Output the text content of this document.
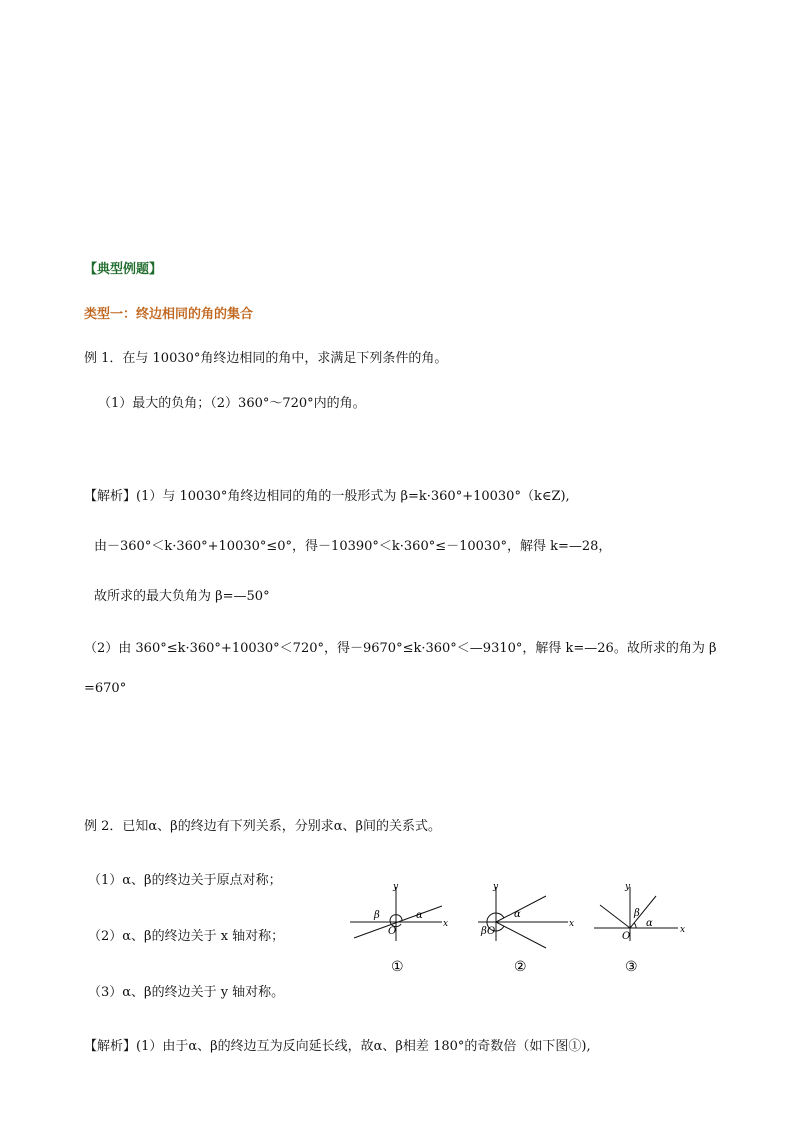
【典型例题】
类型一：终边相同的角的集合
例 1．在与 10030°角终边相同的角中，求满足下列条件的角。
（1）最大的负角；（2）360°～720°内的角。
【解析】(1）与 10030°角终边相同的角的一般形式为 β=k·360°+10030°（k∈Z),
由－360°＜k·360°+10030°≤0°，得－10390°＜k·360°≤－10030°，解得 k=—28，
故所求的最大负角为 β=—50°
（2）由 360°≤k·360°+10030°＜720°，得－9670°≤k·360°＜—9310°，解得 k=—26。故所求的角为 β
=670°
例 2．已知α、β的终边有下列关系，分别求α、β间的关系式。
（1）α、β的终边关于原点对称；
（2）α、β的终边关于 x 轴对称；
（3）α、β的终边关于 y 轴对称。
x
y
β	α
O
①
x
y
β
α
O
②
x
y
β
α
O
③
【解析】(1）由于α、β的终边互为反向延长线，故α、β相差 180°的奇数倍（如下图①),
